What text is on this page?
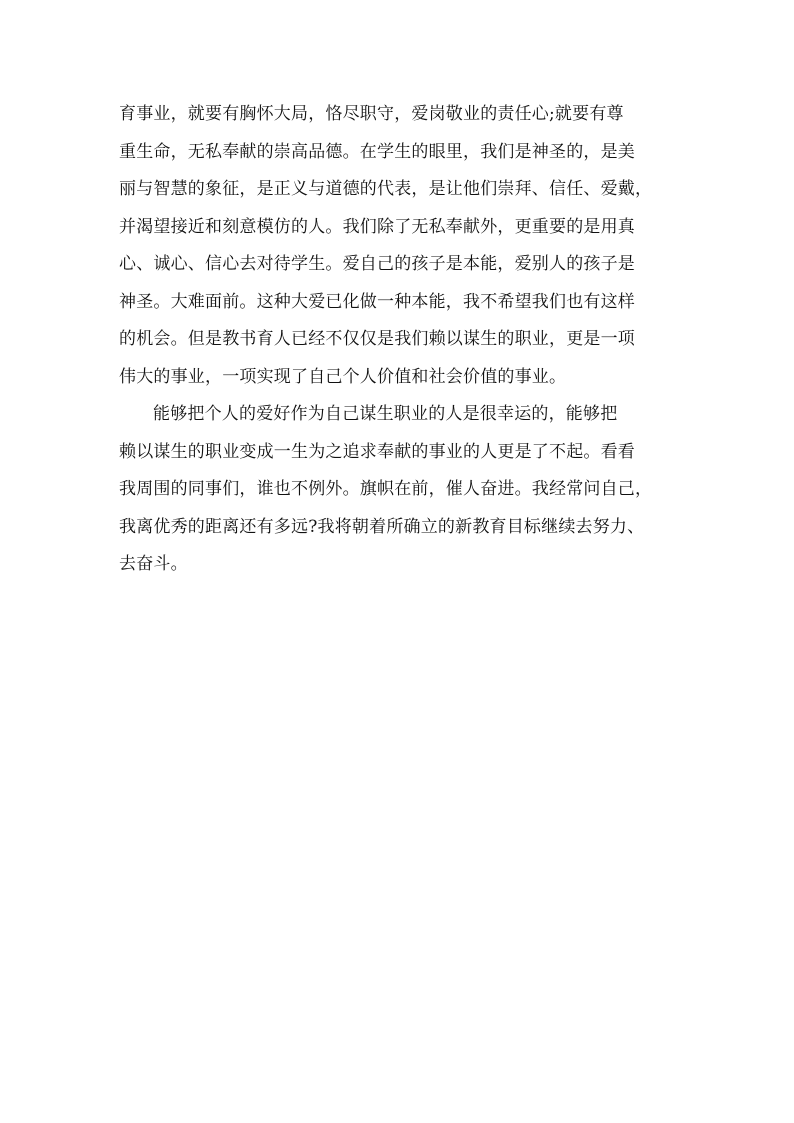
育事业，就要有胸怀大局，恪尽职守，爱岗敬业的责任心;就要有尊
重生命，无私奉献的崇高品德。在学生的眼里，我们是神圣的，是美
丽与智慧的象征，是正义与道德的代表，是让他们崇拜、信任、爱戴，
并渴望接近和刻意模仿的人。我们除了无私奉献外，更重要的是用真
心、诚心、信心去对待学生。爱自己的孩子是本能，爱别人的孩子是
神圣。大难面前。这种大爱已化做一种本能，我不希望我们也有这样
的机会。但是教书育人已经不仅仅是我们赖以谋生的职业，更是一项
伟大的事业，一项实现了自己个人价值和社会价值的事业。
能够把个人的爱好作为自己谋生职业的人是很幸运的，能够把
赖以谋生的职业变成一生为之追求奉献的事业的人更是了不起。看看
我周围的同事们，谁也不例外。旗帜在前，催人奋进。我经常问自己，
我离优秀的距离还有多远?我将朝着所确立的新教育目标继续去努力、
去奋斗。
